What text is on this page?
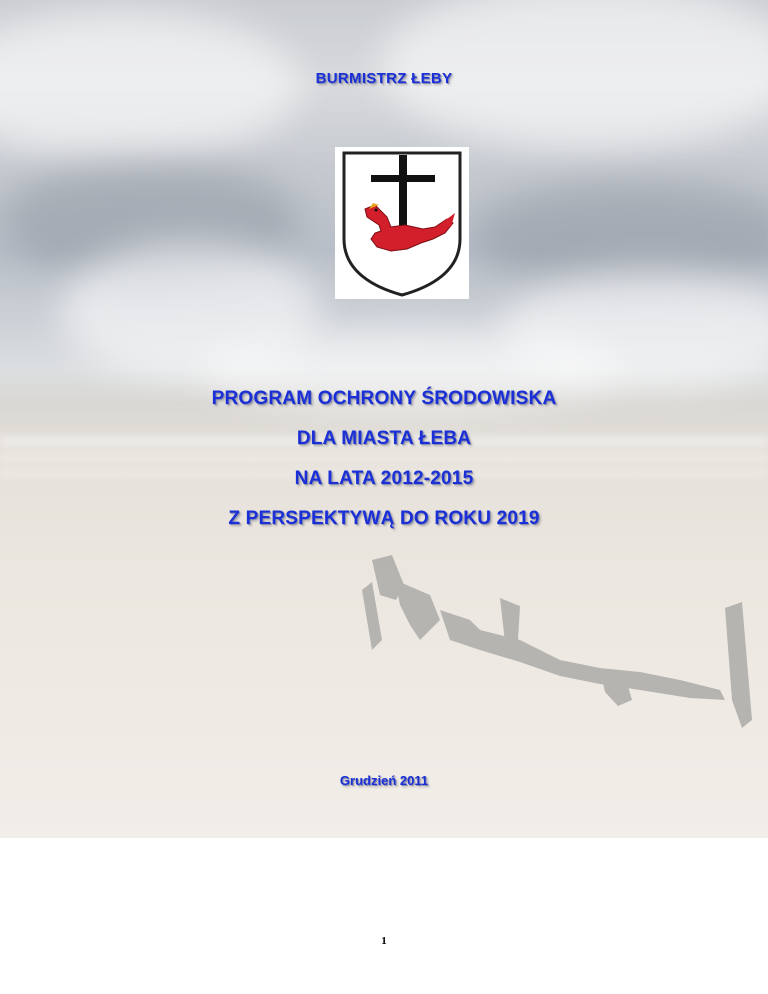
BURMISTRZ ŁEBY
PROGRAM OCHRONY ŚRODOWISKA
DLA MIASTA ŁEBA
NA LATA 2012-2015
Z PERSPEKTYWĄ DO ROKU 2019
Grudzień 2011
1
